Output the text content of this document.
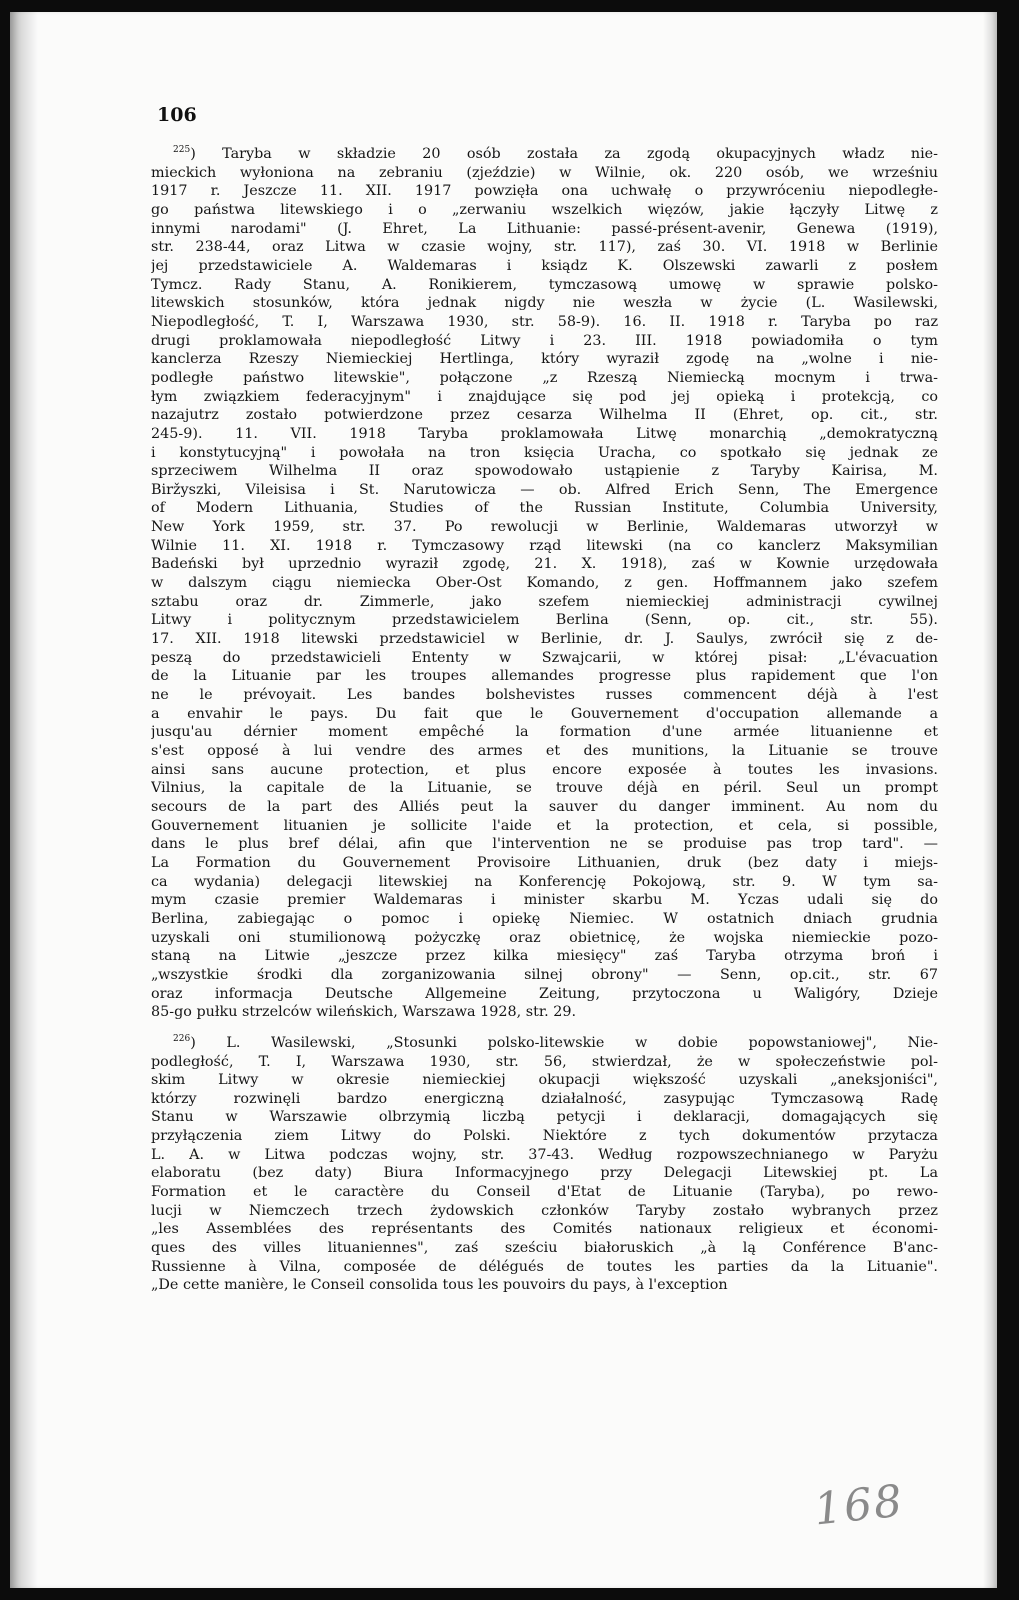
106
$^{225}$) Taryba w składzie 20 osób została za zgodą okupacyjnych władz nie-
mieckich wyłoniona na zebraniu (zjeździe) w Wilnie, ok. 220 osób, we wrześniu
1917 r. Jeszcze 11. XII. 1917 powzięła ona uchwałę o przywróceniu niepodległe-
go państwa litewskiego i o „zerwaniu wszelkich więzów, jakie łączyły Litwę z
innymi narodami" (J. Ehret, La Lithuanie: passé-présent-avenir, Genewa (1919),
str. 238-44, oraz Litwa w czasie wojny, str. 117), zaś 30. VI. 1918 w Berlinie
jej przedstawiciele A. Waldemaras i ksiądz K. Olszewski zawarli z posłem
Tymcz. Rady Stanu, A. Ronikierem, tymczasową umowę w sprawie polsko-
litewskich stosunków, która jednak nigdy nie weszła w życie (L. Wasilewski,
Niepodległość, T. I, Warszawa 1930, str. 58-9). 16. II. 1918 r. Taryba po raz
drugi proklamowała niepodległość Litwy i 23. III. 1918 powiadomiła o tym
kanclerza Rzeszy Niemieckiej Hertlinga, który wyraził zgodę na „wolne i nie-
podległe państwo litewskie", połączone „z Rzeszą Niemiecką mocnym i trwa-
łym związkiem federacyjnym" i znajdujące się pod jej opieką i protekcją, co
nazajutrz zostało potwierdzone przez cesarza Wilhelma II (Ehret, op. cit., str.
245-9). 11. VII. 1918 Taryba proklamowała Litwę monarchią „demokratyczną
i konstytucyjną" i powołała na tron księcia Uracha, co spotkało się jednak ze
sprzeciwem Wilhelma II oraz spowodowało ustąpienie z Taryby Kairisa, M.
Biržyszki, Vileisisa i St. Narutowicza — ob. Alfred Erich Senn, The Emergence
of Modern Lithuania, Studies of the Russian Institute, Columbia University,
New York 1959, str. 37. Po rewolucji w Berlinie, Waldemaras utworzył w
Wilnie 11. XI. 1918 r. Tymczasowy rząd litewski (na co kanclerz Maksymilian
Badeński był uprzednio wyraził zgodę, 21. X. 1918), zaś w Kownie urzędowała
w dalszym ciągu niemiecka Ober-Ost Komando, z gen. Hoffmannem jako szefem
sztabu oraz dr. Zimmerle, jako szefem niemieckiej administracji cywilnej
Litwy i politycznym przedstawicielem Berlina (Senn, op. cit., str. 55).
17. XII. 1918 litewski przedstawiciel w Berlinie, dr. J. Saulys, zwrócił się z de-
peszą do przedstawicieli Ententy w Szwajcarii, w której pisał: „L'évacuation
de la Lituanie par les troupes allemandes progresse plus rapidement que l'on
ne le prévoyait. Les bandes bolshevistes russes commencent déjà à l'est
a envahir le pays. Du fait que le Gouvernement d'occupation allemande a
jusqu'au dérnier moment empêché la formation d'une armée lituanienne et
s'est opposé à lui vendre des armes et des munitions, la Lituanie se trouve
ainsi sans aucune protection, et plus encore exposée à toutes les invasions.
Vilnius, la capitale de la Lituanie, se trouve déjà en péril. Seul un prompt
secours de la part des Alliés peut la sauver du danger imminent. Au nom du
Gouvernement lituanien je sollicite l'aide et la protection, et cela, si possible,
dans le plus bref délai, afin que l'intervention ne se produise pas trop tard". —
La Formation du Gouvernement Provisoire Lithuanien, druk (bez daty i miejs-
ca wydania) delegacji litewskiej na Konferencję Pokojową, str. 9. W tym sa-
mym czasie premier Waldemaras i minister skarbu M. Yczas udali się do
Berlina, zabiegając o pomoc i opiekę Niemiec. W ostatnich dniach grudnia
uzyskali oni stumilionową pożyczkę oraz obietnicę, że wojska niemieckie pozo-
staną na Litwie „jeszcze przez kilka miesięcy" zaś Taryba otrzyma broń i
„wszystkie środki dla zorganizowania silnej obrony" — Senn, op.cit., str. 67
oraz informacja Deutsche Allgemeine Zeitung, przytoczona u Waligóry, Dzieje
85-go pułku strzelców wileńskich, Warszawa 1928, str. 29.
$^{226}$) L. Wasilewski, „Stosunki polsko-litewskie w dobie popowstaniowej", Nie-
podległość, T. I, Warszawa 1930, str. 56, stwierdzał, że w społeczeństwie pol-
skim Litwy w okresie niemieckiej okupacji większość uzyskali „aneksjoniści",
którzy rozwinęli bardzo energiczną działalność, zasypując Tymczasową Radę
Stanu w Warszawie olbrzymią liczbą petycji i deklaracji, domagających się
przyłączenia ziem Litwy do Polski. Niektóre z tych dokumentów przytacza
L. A. w Litwa podczas wojny, str. 37-43. Według rozpowszechnianego w Paryżu
elaboratu (bez daty) Biura Informacyjnego przy Delegacji Litewskiej pt. La
Formation et le caractère du Conseil d'Etat de Lituanie (Taryba), po rewo-
lucji w Niemczech trzech żydowskich członków Taryby zostało wybranych przez
„les Assemblées des représentants des Comités nationaux religieux et économi-
ques des villes lituaniennes", zaś sześciu białoruskich „à lą Conférence B'anc-
Russienne à Vilna, composée de délégués de toutes les parties da la Lituanie".
„De cette manière, le Conseil consolida tous les pouvoirs du pays, à l'exception
168
